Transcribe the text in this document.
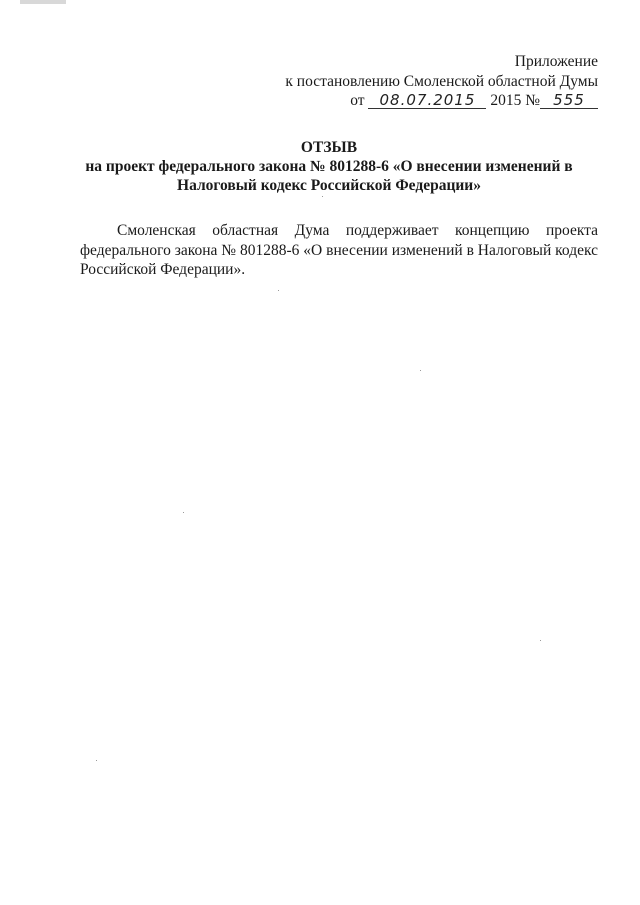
Приложение
к постановлению Смоленской областной Думы
от 08.07.2015 2015 № 555
ОТЗЫВ
на проект федерального закона № 801288-6 «О внесении изменений в
Налоговый кодекс Российской Федерации»

Смоленская областная Дума поддерживает концепцию проекта федерального закона № 801288-6 «О внесении изменений в Налоговый кодекс Российской Федерации».
